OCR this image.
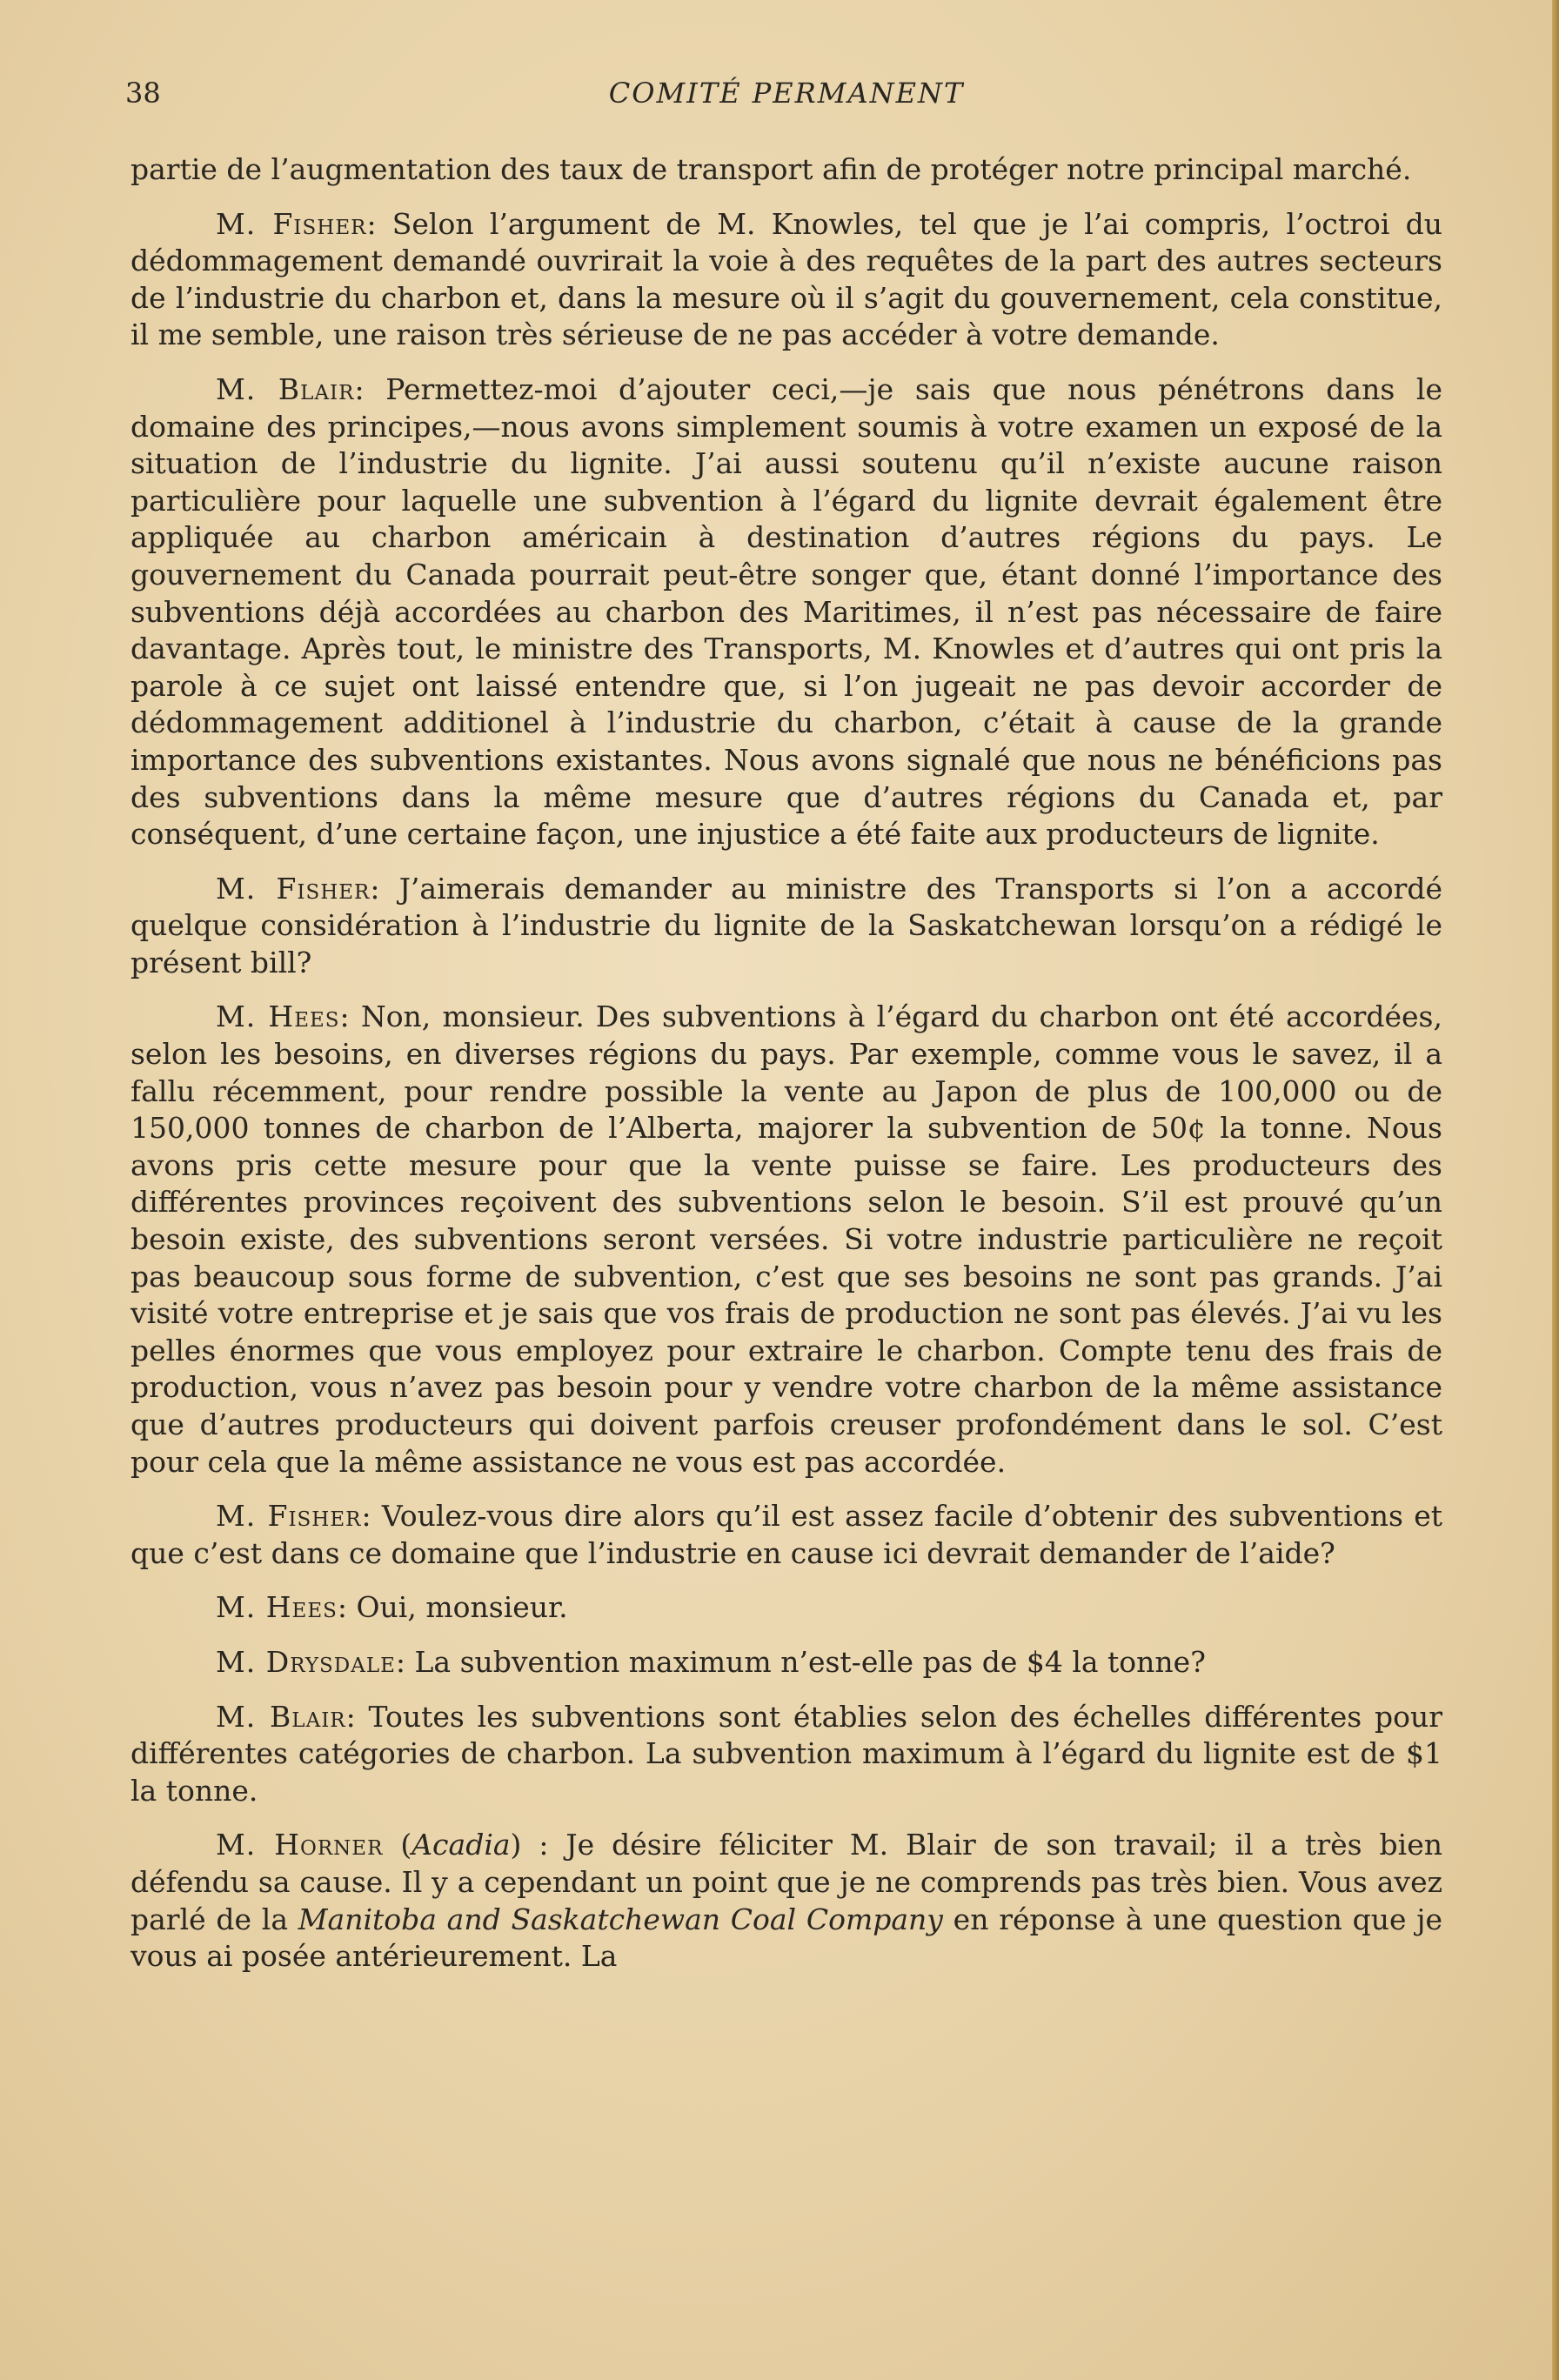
38	COMITÉ PERMANENT

partie de l’augmentation des taux de transport afin de protéger notre principal marché.

M. Fisher: Selon l’argument de M. Knowles, tel que je l’ai compris, l’octroi du dédommagement demandé ouvrirait la voie à des requêtes de la part des autres secteurs de l’industrie du charbon et, dans la mesure où il s’agit du gouvernement, cela constitue, il me semble, une raison très sérieuse de ne pas accéder à votre demande.

M. Blair: Permettez-moi d’ajouter ceci,—je sais que nous pénétrons dans le domaine des principes,—nous avons simplement soumis à votre examen un exposé de la situation de l’industrie du lignite. J’ai aussi soutenu qu’il n’existe aucune raison particulière pour laquelle une subvention à l’égard du lignite devrait également être appliquée au charbon américain à destination d’autres régions du pays. Le gouvernement du Canada pourrait peut-être songer que, étant donné l’importance des subventions déjà accordées au charbon des Maritimes, il n’est pas nécessaire de faire davantage. Après tout, le ministre des Transports, M. Knowles et d’autres qui ont pris la parole à ce sujet ont laissé entendre que, si l’on jugeait ne pas devoir accorder de dédommagement additionel à l’industrie du charbon, c’était à cause de la grande importance des subventions existantes. Nous avons signalé que nous ne bénéficions pas des subventions dans la même mesure que d’autres régions du Canada et, par conséquent, d’une certaine façon, une injustice a été faite aux producteurs de lignite.

M. Fisher: J’aimerais demander au ministre des Transports si l’on a accordé quelque considération à l’industrie du lignite de la Saskatchewan lorsqu’on a rédigé le présent bill?

M. Hees: Non, monsieur. Des subventions à l’égard du charbon ont été accordées, selon les besoins, en diverses régions du pays. Par exemple, comme vous le savez, il a fallu récemment, pour rendre possible la vente au Japon de plus de 100,000 ou de 150,000 tonnes de charbon de l’Alberta, majorer la subvention de 50¢ la tonne. Nous avons pris cette mesure pour que la vente puisse se faire. Les producteurs des différentes provinces reçoivent des subventions selon le besoin. S’il est prouvé qu’un besoin existe, des subventions seront versées. Si votre industrie particulière ne reçoit pas beaucoup sous forme de subvention, c’est que ses besoins ne sont pas grands. J’ai visité votre entreprise et je sais que vos frais de production ne sont pas élevés. J’ai vu les pelles énormes que vous employez pour extraire le charbon. Compte tenu des frais de production, vous n’avez pas besoin pour y vendre votre charbon de la même assistance que d’autres producteurs qui doivent parfois creuser profondément dans le sol. C’est pour cela que la même assistance ne vous est pas accordée.

M. Fisher: Voulez-vous dire alors qu’il est assez facile d’obtenir des subventions et que c’est dans ce domaine que l’industrie en cause ici devrait demander de l’aide?

M. Hees: Oui, monsieur.

M. Drysdale: La subvention maximum n’est-elle pas de $4 la tonne?

M. Blair: Toutes les subventions sont établies selon des échelles différentes pour différentes catégories de charbon. La subvention maximum à l’égard du lignite est de $1 la tonne.

M. Horner (Acadia) : Je désire féliciter M. Blair de son travail; il a très bien défendu sa cause. Il y a cependant un point que je ne comprends pas très bien. Vous avez parlé de la Manitoba and Saskatchewan Coal Company en réponse à une question que je vous ai posée antérieurement. La
